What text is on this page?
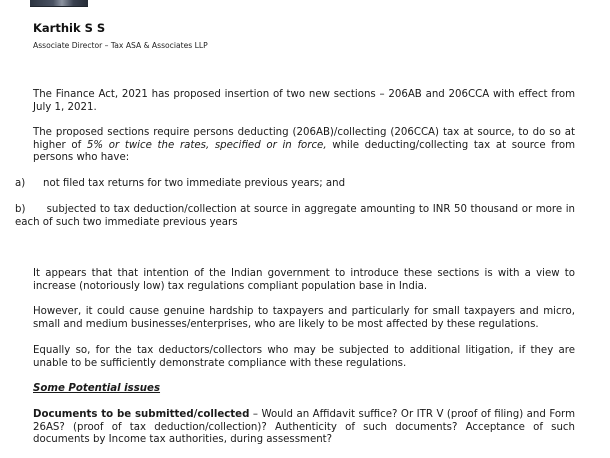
Karthik S S
Associate Director – Tax ASA & Associates LLP

The Finance Act, 2021 has proposed insertion of two new sections – 206AB and 206CCA with effect from July 1, 2021.

The proposed sections require persons deducting (206AB)/collecting (206CCA) tax at source, to do so at higher of 5% or twice the rates, specified or in force, while deducting/collecting tax at source from persons who have:

a) not filed tax returns for two immediate previous years; and

b) subjected to tax deduction/collection at source in aggregate amounting to INR 50 thousand or more in each of such two immediate previous years

It appears that that intention of the Indian government to introduce these sections is with a view to increase (notoriously low) tax regulations compliant population base in India.

However, it could cause genuine hardship to taxpayers and particularly for small taxpayers and micro, small and medium businesses/enterprises, who are likely to be most affected by these regulations.

Equally so, for the tax deductors/collectors who may be subjected to additional litigation, if they are unable to be sufficiently demonstrate compliance with these regulations.

Some Potential issues

Documents to be submitted/collected – Would an Affidavit suffice? Or ITR V (proof of filing) and Form 26AS? (proof of tax deduction/collection)? Authenticity of such documents? Acceptance of such documents by Income tax authorities, during assessment?
